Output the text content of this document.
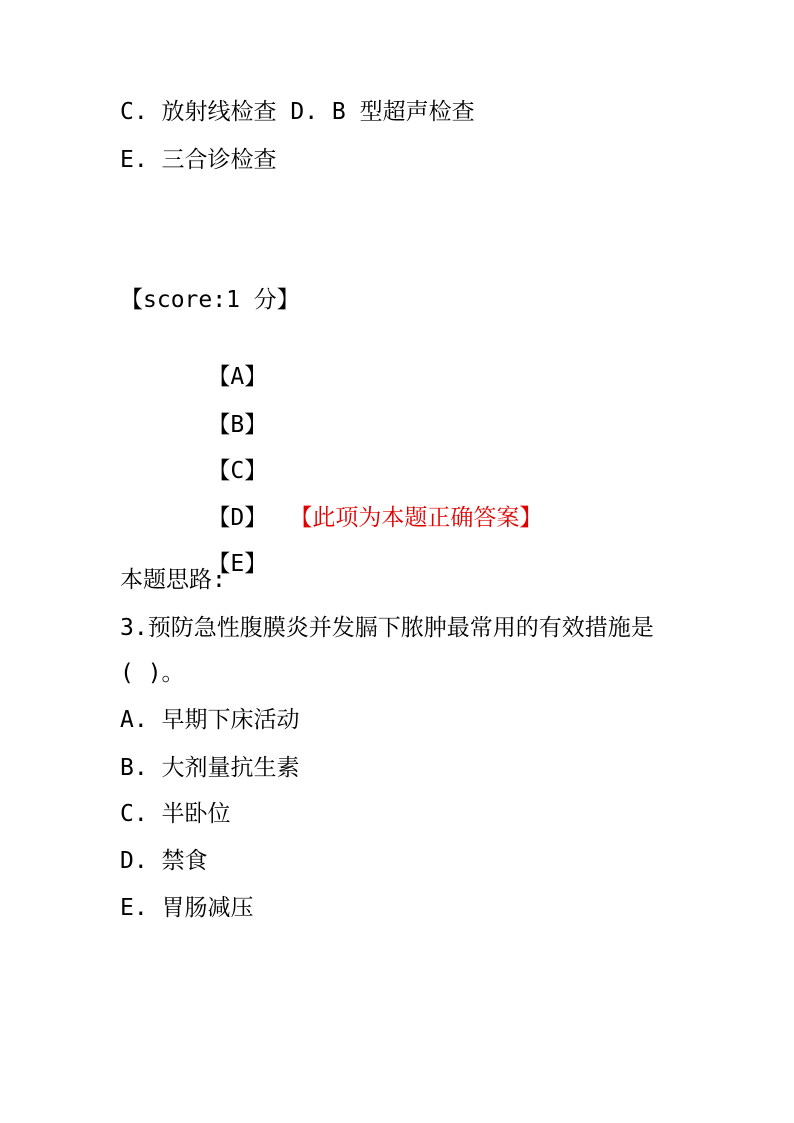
C. 放射线检查 D. B 型超声检查
E. 三合诊检查
【score:1 分】

【A】

【B】

【C】

【D】 【此项为本题正确答案】

【E】

本题思路:
3.预防急性腹膜炎并发膈下脓肿最常用的有效措施是
( )。
A. 早期下床活动
B. 大剂量抗生素
C. 半卧位
D. 禁食
E. 胃肠减压
